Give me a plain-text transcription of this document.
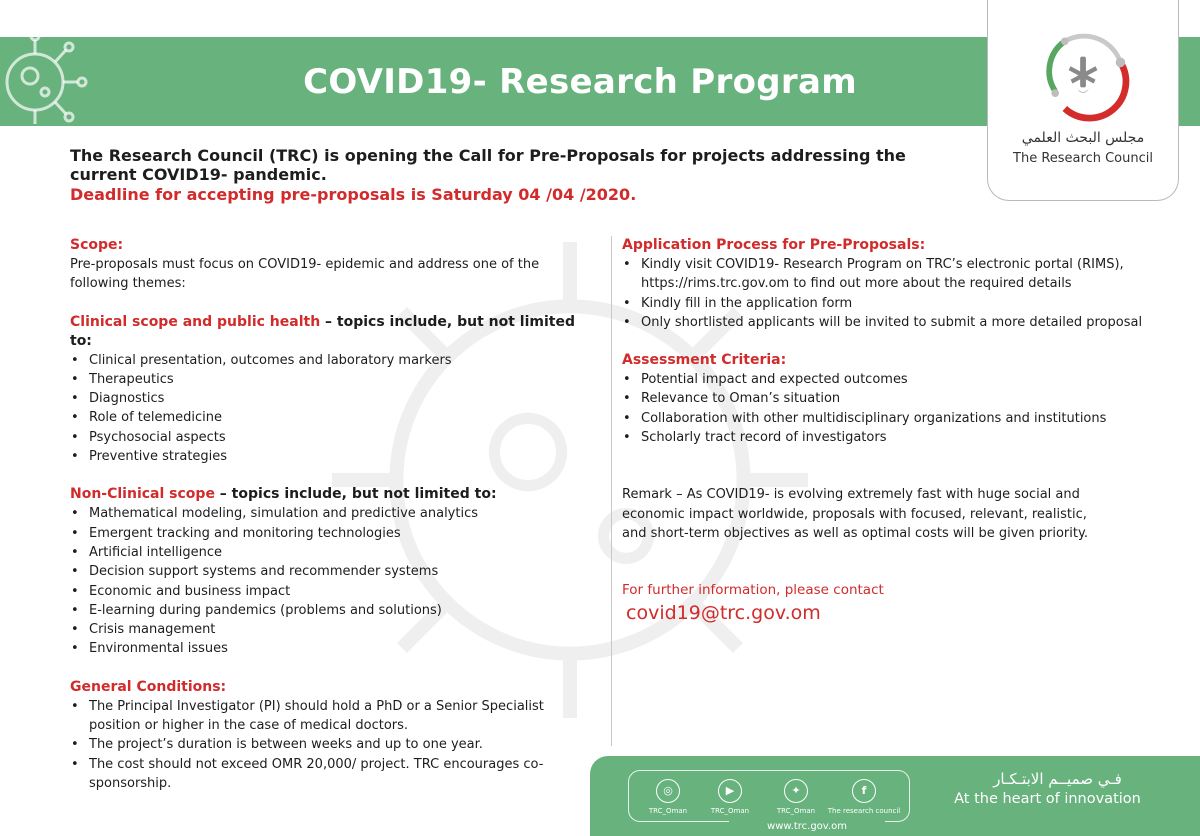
COVID19- Research Program
مجلس البحث العلمي
The Research Council
The Research Council (TRC) is opening the Call for Pre-Proposals for projects addressing the current COVID19- pandemic.
Deadline for accepting pre-proposals is Saturday 04 /04 /2020.
Scope:
Pre-proposals must focus on COVID19- epidemic and address one of the following themes:
Clinical scope and public health – topics include, but not limited to:
• Clinical presentation, outcomes and laboratory markers
• Therapeutics
• Diagnostics
• Role of telemedicine
• Psychosocial aspects
• Preventive strategies
Non-Clinical scope – topics include, but not limited to:
• Mathematical modeling, simulation and predictive analytics
• Emergent tracking and monitoring technologies
• Artificial intelligence
• Decision support systems and recommender systems
• Economic and business impact
• E-learning during pandemics (problems and solutions)
• Crisis management
• Environmental issues
General Conditions:
• The Principal Investigator (PI) should hold a PhD or a Senior Specialist position or higher in the case of medical doctors.
• The project’s duration is between weeks and up to one year.
• The cost should not exceed OMR 20,000/ project. TRC encourages co-sponsorship.
Application Process for Pre-Proposals:
• Kindly visit COVID19- Research Program on TRC’s electronic portal (RIMS), https://rims.trc.gov.om to find out more about the required details
• Kindly fill in the application form
• Only shortlisted applicants will be invited to submit a more detailed proposal
Assessment Criteria:
• Potential impact and expected outcomes
• Relevance to Oman’s situation
• Collaboration with other multidisciplinary organizations and institutions
• Scholarly tract record of investigators
Remark – As COVID19- is evolving extremely fast with huge social and economic impact worldwide, proposals with focused, relevant, realistic, and short-term objectives as well as optimal costs will be given priority.
For further information, please contact
covid19@trc.gov.om
◎
TRC_Oman
▶
TRC_Oman
✦
TRC_Oman
f
The research council
www.trc.gov.om
فـي صميــم الابتـكـار
At the heart of innovation
